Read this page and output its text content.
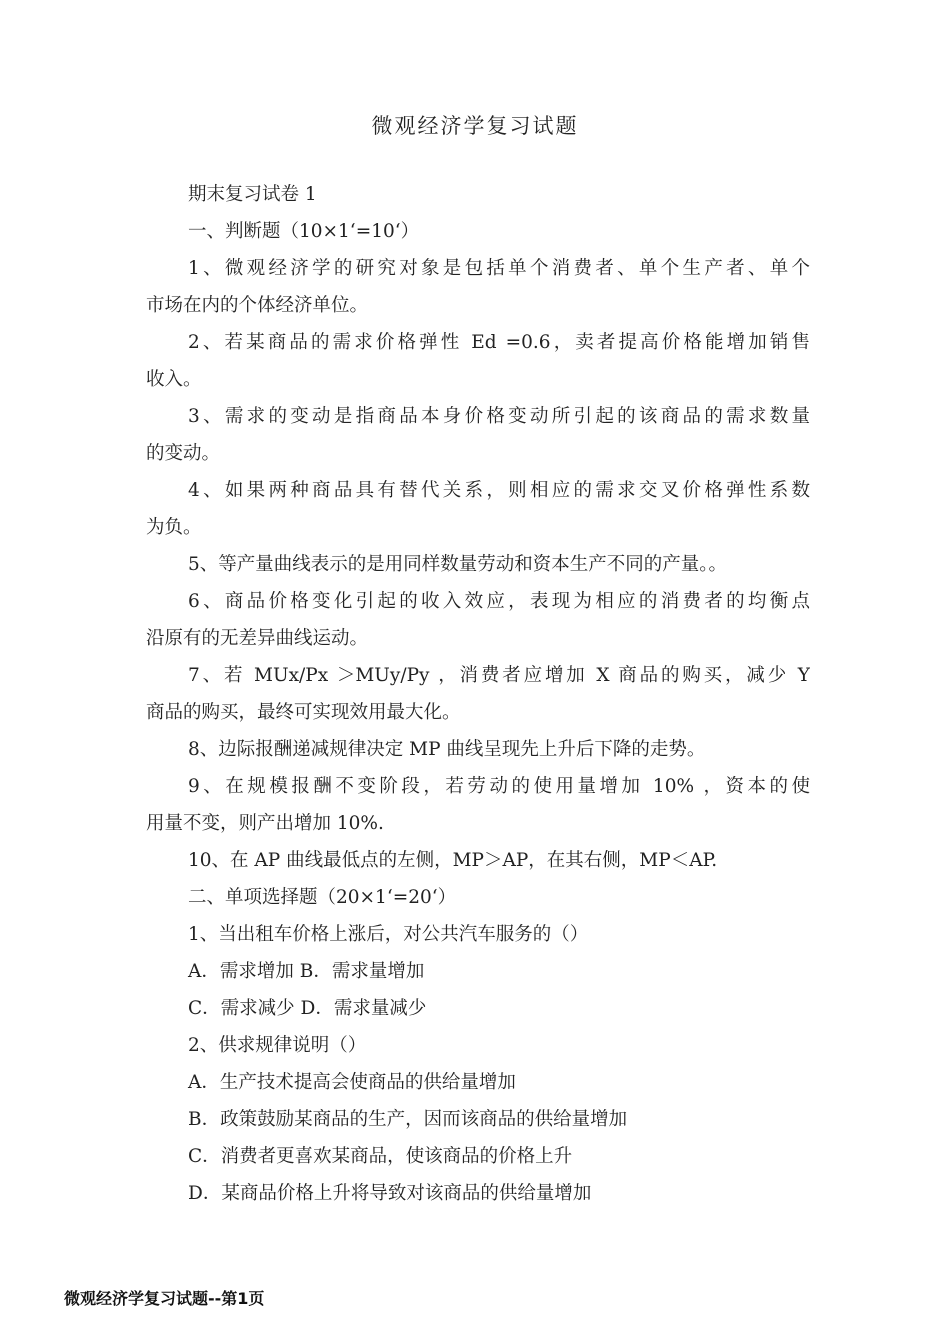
微观经济学复习试题
期末复习试卷 1
一、判断题（10×1‘=10‘）
1、微观经济学的研究对象是包括单个消费者、单个生产者、单个
市场在内的个体经济单位。
2、若某商品的需求价格弹性 Ed =0.6，卖者提高价格能增加销售
收入。
3、需求的变动是指商品本身价格变动所引起的该商品的需求数量
的变动。
4、如果两种商品具有替代关系，则相应的需求交叉价格弹性系数
为负。
5、等产量曲线表示的是用同样数量劳动和资本生产不同的产量。。
6、商品价格变化引起的收入效应，表现为相应的消费者的均衡点
沿原有的无差异曲线运动。
7、若 MUx/Px ＞MUy/Py ，消费者应增加 X 商品的购买，减少 Y
商品的购买，最终可实现效用最大化。
8、边际报酬递减规律决定 MP 曲线呈现先上升后下降的走势。
9、在规模报酬不变阶段，若劳动的使用量增加 10% ，资本的使
用量不变，则产出增加 10%.
10、在 AP 曲线最低点的左侧，MP＞AP，在其右侧，MP＜AP.
二、单项选择题（20×1‘=20‘）
1、当出租车价格上涨后，对公共汽车服务的（）
A．需求增加 B．需求量增加
C．需求减少 D．需求量减少
2、供求规律说明（）
A．生产技术提高会使商品的供给量增加
B．政策鼓励某商品的生产，因而该商品的供给量增加
C．消费者更喜欢某商品，使该商品的价格上升
D．某商品价格上升将导致对该商品的供给量增加
微观经济学复习试题--第1页
